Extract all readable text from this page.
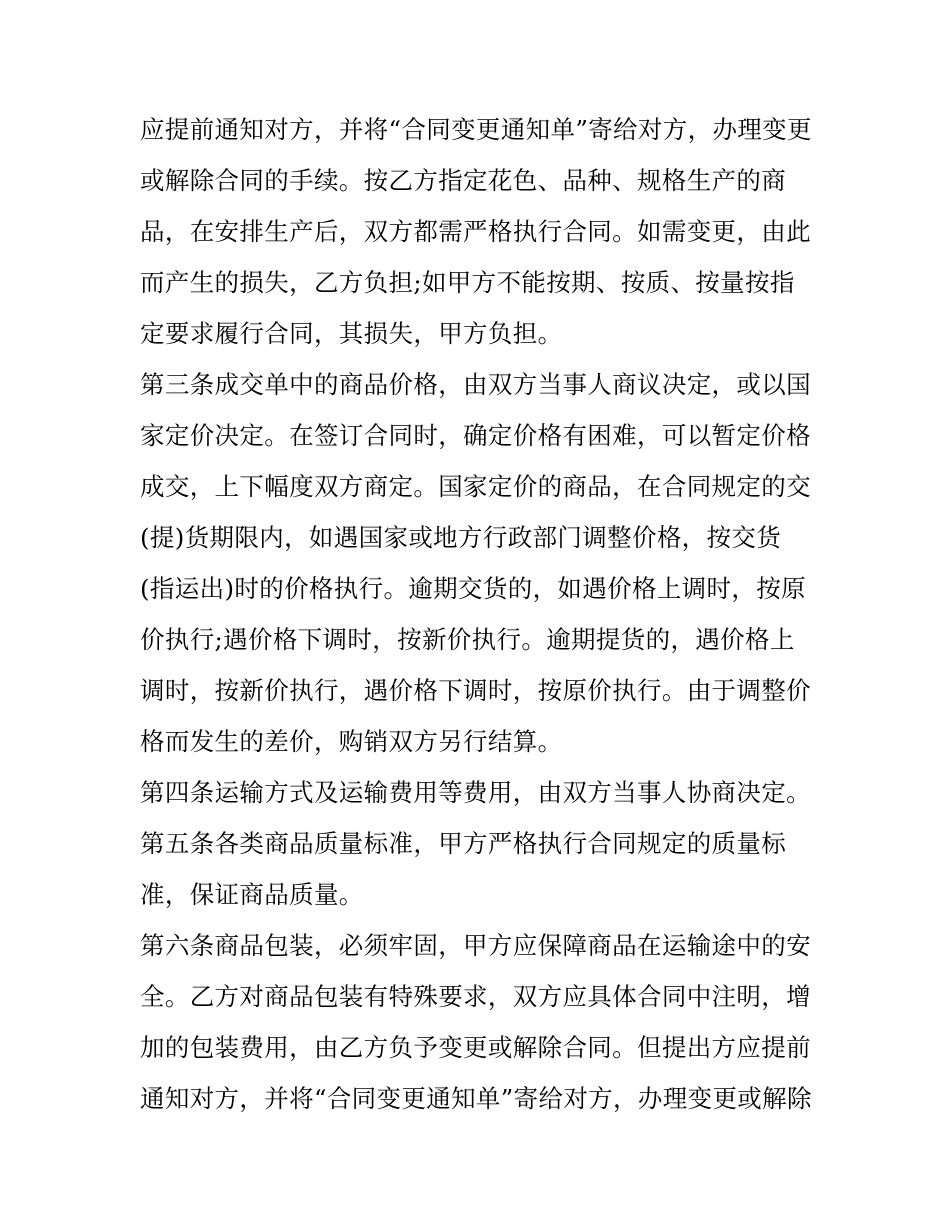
应提前通知对方，并将“合同变更通知单”寄给对方，办理变更
或解除合同的手续。按乙方指定花色、品种、规格生产的商
品，在安排生产后，双方都需严格执行合同。如需变更，由此
而产生的损失，乙方负担;如甲方不能按期、按质、按量按指
定要求履行合同，其损失，甲方负担。
第三条成交单中的商品价格，由双方当事人商议决定，或以国
家定价决定。在签订合同时，确定价格有困难，可以暂定价格
成交，上下幅度双方商定。国家定价的商品，在合同规定的交
(提)货期限内，如遇国家或地方行政部门调整价格，按交货
(指运出)时的价格执行。逾期交货的，如遇价格上调时，按原
价执行;遇价格下调时，按新价执行。逾期提货的，遇价格上
调时，按新价执行，遇价格下调时，按原价执行。由于调整价
格而发生的差价，购销双方另行结算。
第四条运输方式及运输费用等费用，由双方当事人协商决定。
第五条各类商品质量标准，甲方严格执行合同规定的质量标
准，保证商品质量。
第六条商品包装，必须牢固，甲方应保障商品在运输途中的安
全。乙方对商品包装有特殊要求，双方应具体合同中注明，增
加的包装费用，由乙方负予变更或解除合同。但提出方应提前
通知对方，并将“合同变更通知单”寄给对方，办理变更或解除
